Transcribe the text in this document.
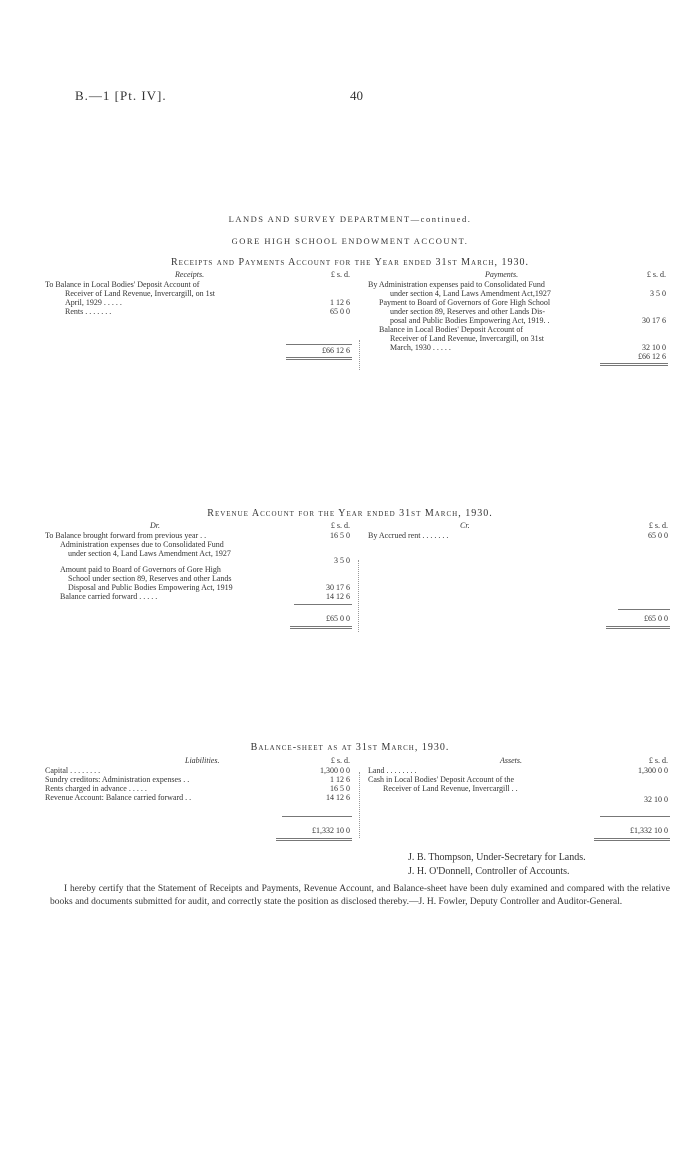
B.—1 [Pt. IV].	40
LANDS AND SURVEY DEPARTMENT—continued.
GORE HIGH SCHOOL ENDOWMENT ACCOUNT.
Receipts and Payments Account for the Year ended 31st March, 1930.
Receipts.	£ s. d.
To Balance in Local Bodies' Deposit Account of
Receiver of Land Revenue, Invercargill, on 1st
April, 1929 . . . . .	1 12 6
Rents . . . . . . .	65 0 0
£66 12 6
Payments.	£ s. d.
By Administration expenses paid to Consolidated Fund
under section 4, Land Laws Amendment Act,1927	3 5 0
Payment to Board of Governors of Gore High School
under section 89, Reserves and other Lands Dis-
posal and Public Bodies Empowering Act, 1919. .	30 17 6
Balance in Local Bodies' Deposit Account of
Receiver of Land Revenue, Invercargill, on 31st
March, 1930 . . . . .	32 10 0
£66 12 6
Revenue Account for the Year ended 31st March, 1930.
Dr.	£ s. d.
To Balance brought forward from previous year . .	16 5 0
Administration expenses due to Consolidated Fund
under section 4, Land Laws Amendment Act, 1927
3 5 0
Amount paid to Board of Governors of Gore High
School under section 89, Reserves and other Lands
Disposal and Public Bodies Empowering Act, 1919	30 17 6
Balance carried forward . . . . .	14 12 6
£65 0 0
Cr.	£ s. d.
By Accrued rent . . . . . . .	65 0 0
£65 0 0
Balance-sheet as at 31st March, 1930.
Liabilities.	£ s. d.
Capital . . . . . . . .	1,300 0 0
Sundry creditors: Administration expenses . .	1 12 6
Rents charged in advance . . . . .	16 5 0
Revenue Account: Balance carried forward . .	14 12 6
£1,332 10 0
Assets.	£ s. d.
Land . . . . . . . .	1,300 0 0
Cash in Local Bodies' Deposit Account of the
Receiver of Land Revenue, Invercargill . .
32 10 0
£1,332 10 0
J. B. Thompson, Under-Secretary for Lands.
J. H. O'Donnell, Controller of Accounts.
I hereby certify that the Statement of Receipts and Payments, Revenue Account, and Balance-sheet have been duly examined and compared with the relative books and documents submitted for audit, and correctly state the position as disclosed thereby.—J. H. Fowler, Deputy Controller and Auditor-General.
